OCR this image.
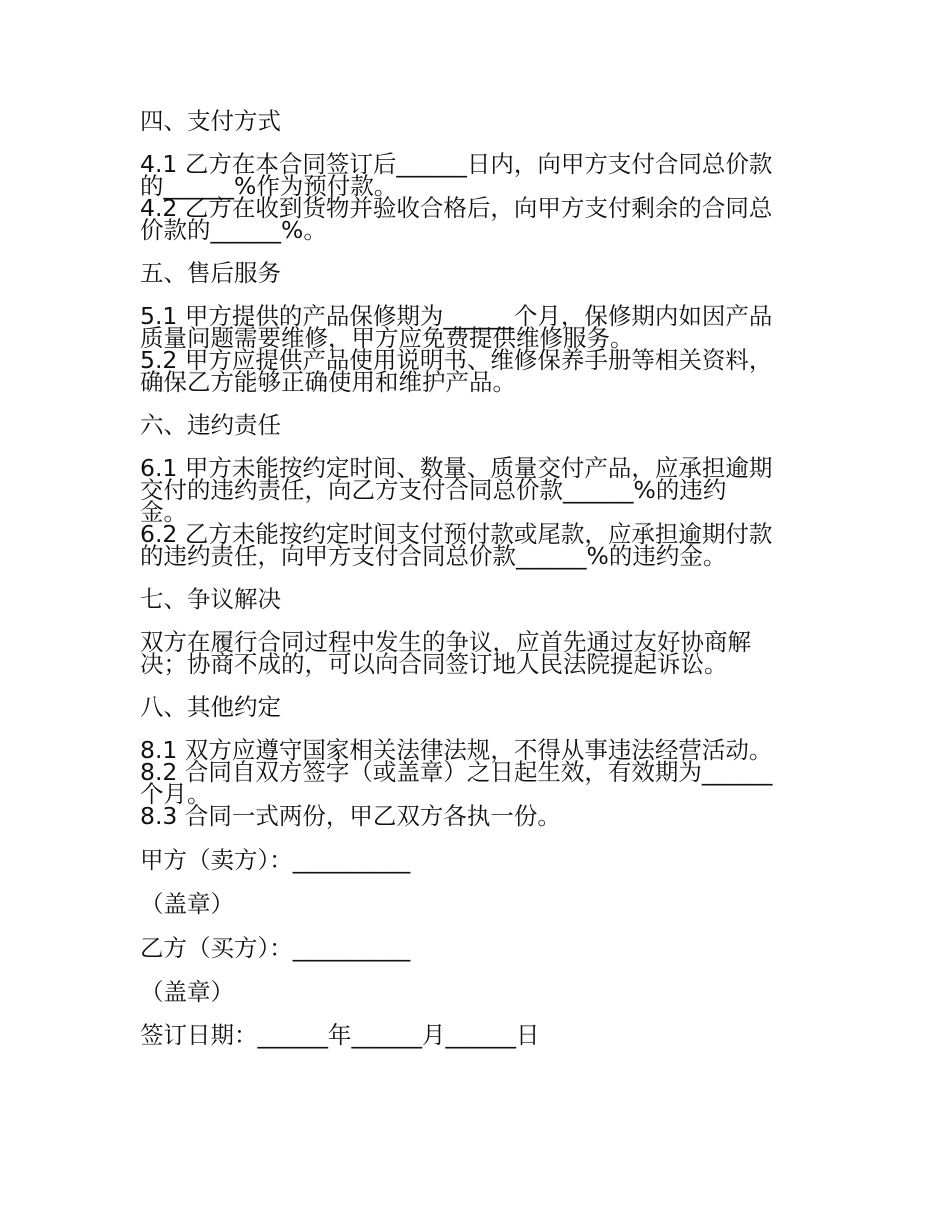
四、支付方式
4.1 乙方在本合同签订后______日内，向甲方支付合同总价款
的______%作为预付款。
4.2 乙方在收到货物并验收合格后，向甲方支付剩余的合同总
价款的______%。
五、售后服务
5.1 甲方提供的产品保修期为______个月，保修期内如因产品
质量问题需要维修，甲方应免费提供维修服务。
5.2 甲方应提供产品使用说明书、维修保养手册等相关资料，
确保乙方能够正确使用和维护产品。
六、违约责任
6.1 甲方未能按约定时间、数量、质量交付产品，应承担逾期
交付的违约责任，向乙方支付合同总价款______%的违约
金。
6.2 乙方未能按约定时间支付预付款或尾款，应承担逾期付款
的违约责任，向甲方支付合同总价款______%的违约金。
七、争议解决
双方在履行合同过程中发生的争议，应首先通过友好协商解
决；协商不成的，可以向合同签订地人民法院提起诉讼。
八、其他约定
8.1 双方应遵守国家相关法律法规，不得从事违法经营活动。
8.2 合同自双方签字（或盖章）之日起生效，有效期为______
个月。
8.3 合同一式两份，甲乙双方各执一份。
甲方（卖方）：__________
（盖章）
乙方（买方）：__________
（盖章）
签订日期：______年______月______日
